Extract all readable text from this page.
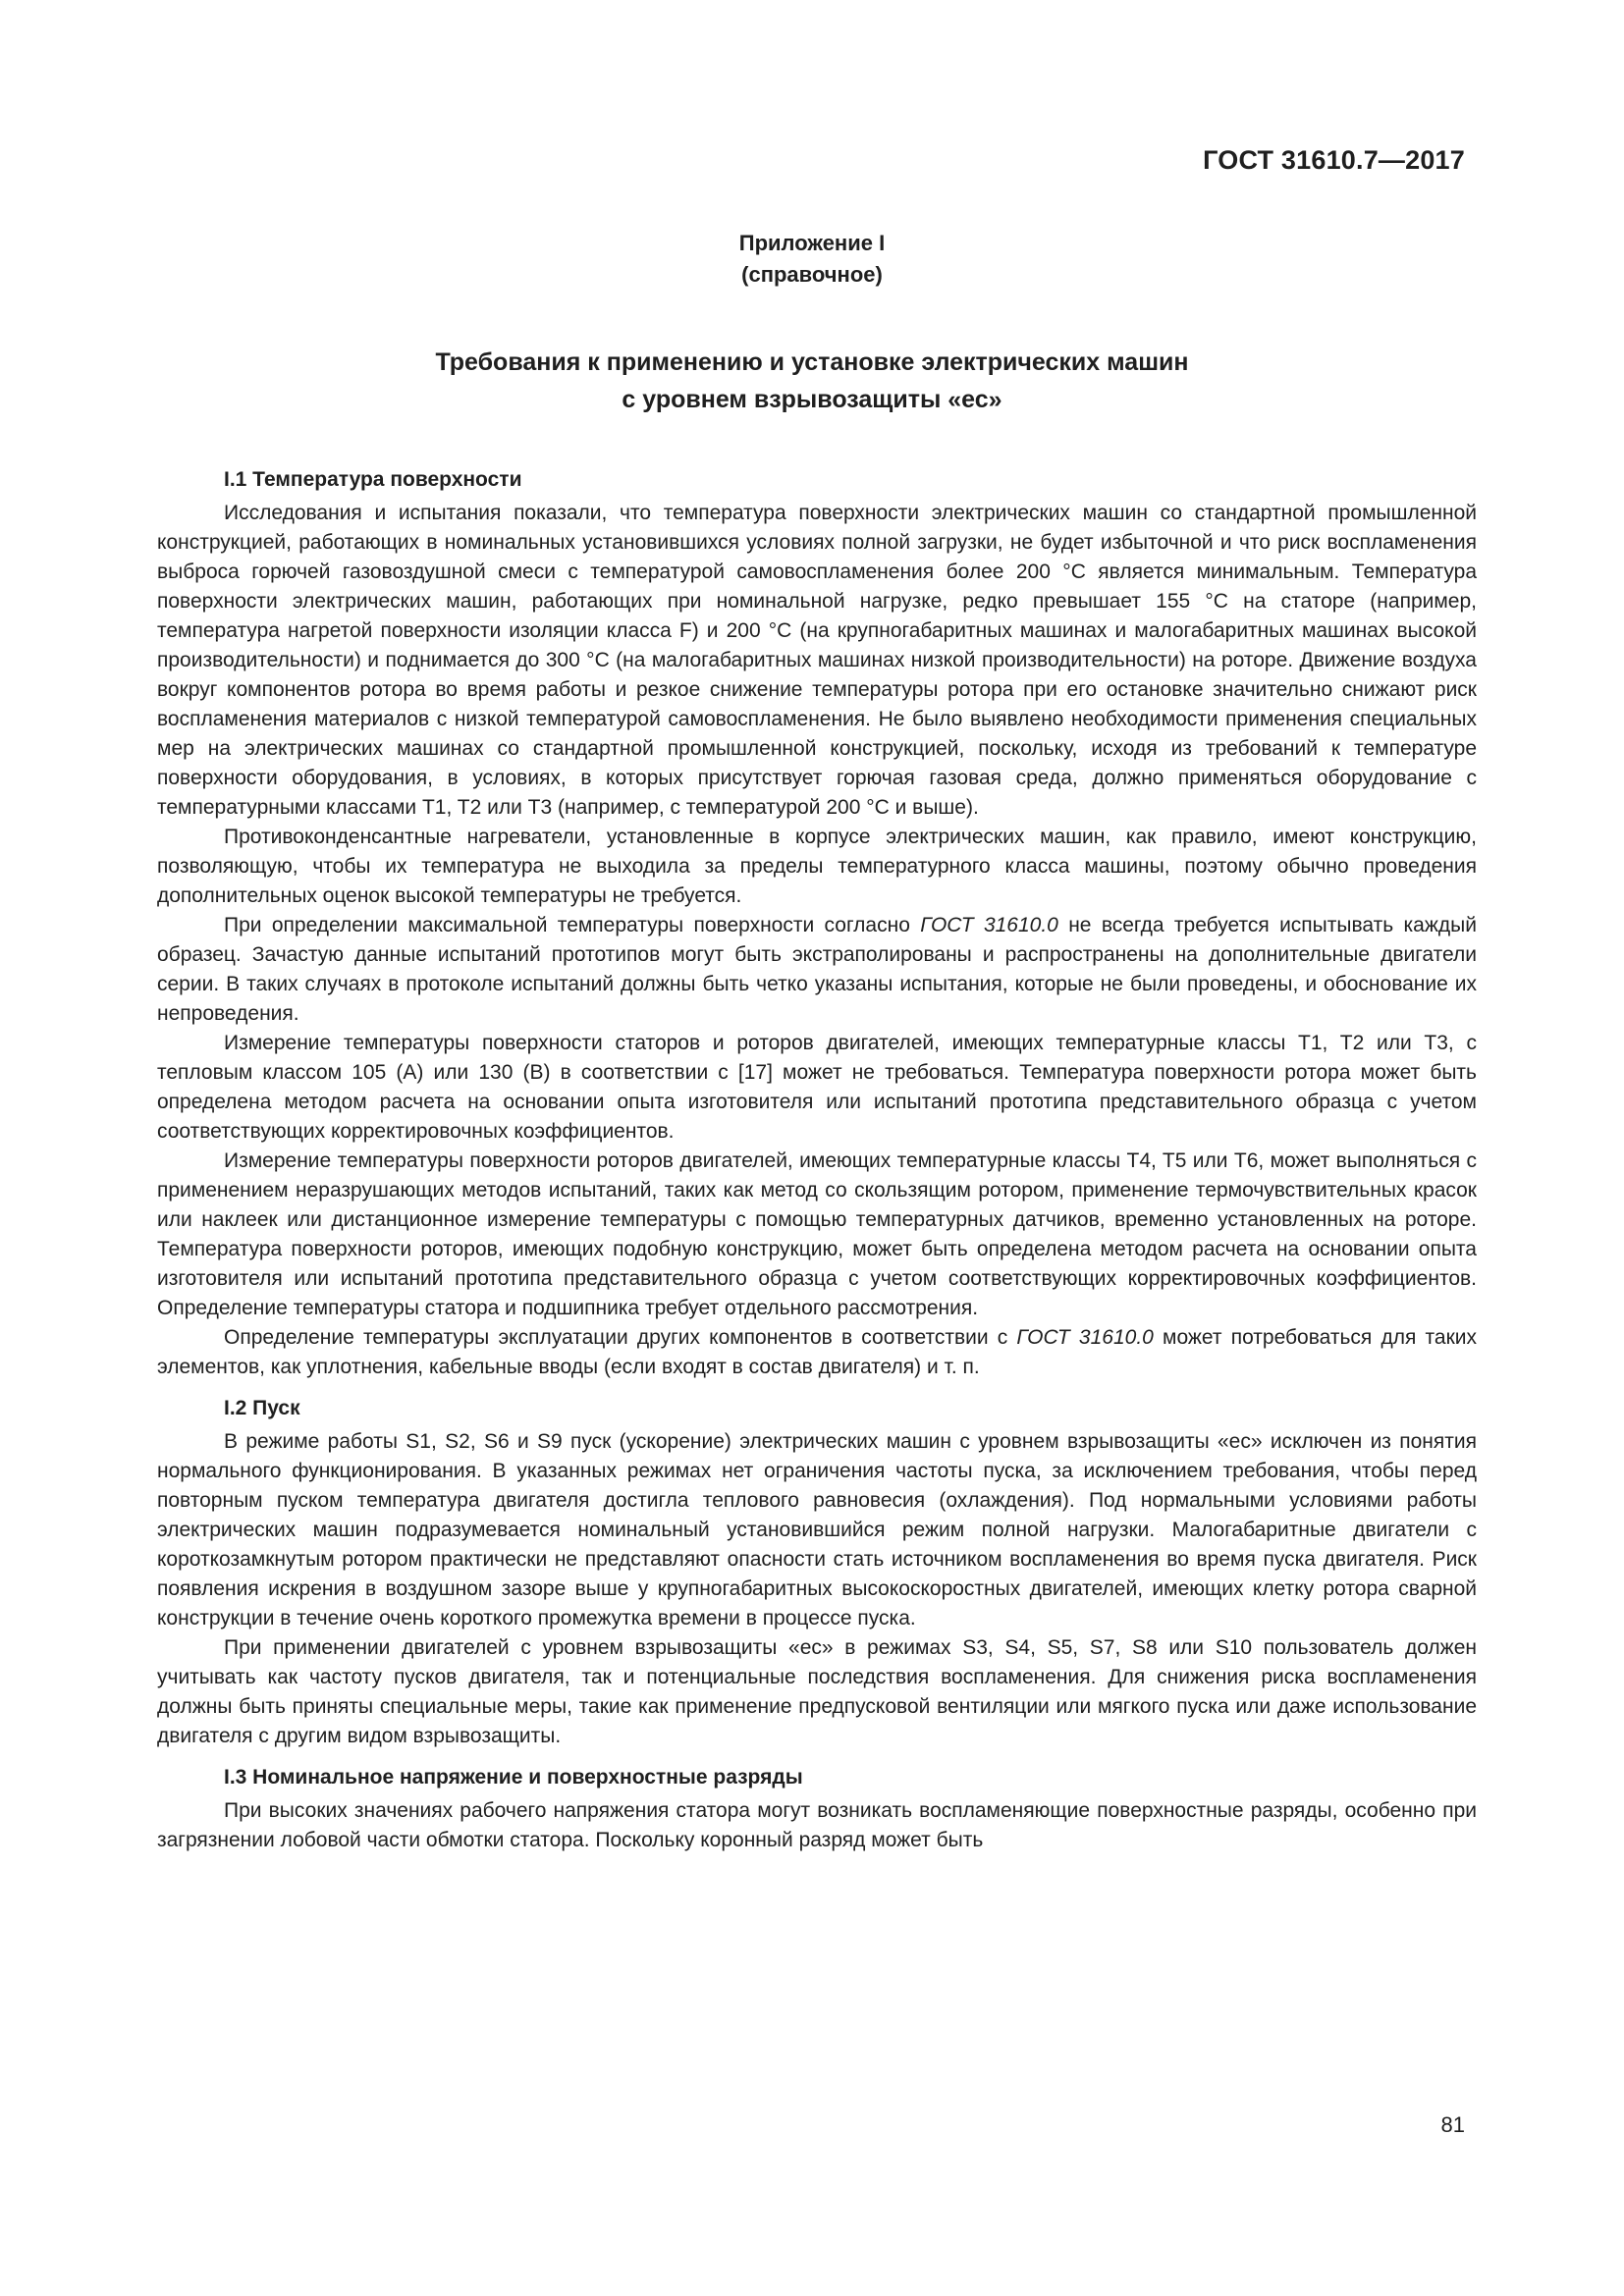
ГОСТ 31610.7—2017
Приложение I
(справочное)
Требования к применению и установке электрических машин
с уровнем взрывозащиты «ес»
I.1 Температура поверхности

Исследования и испытания показали, что температура поверхности электрических машин со стандартной промышленной конструкцией, работающих в номинальных установившихся условиях полной загрузки, не будет избыточной и что риск воспламенения выброса горючей газовоздушной смеси с температурой самовоспламенения более 200 °C является минимальным. Температура поверхности электрических машин, работающих при номинальной нагрузке, редко превышает 155 °C на статоре (например, температура нагретой поверхности изоляции класса F) и 200 °C (на крупногабаритных машинах и малогабаритных машинах высокой производительности) и поднимается до 300 °C (на малогабаритных машинах низкой производительности) на роторе. Движение воздуха вокруг компонентов ротора во время работы и резкое снижение температуры ротора при его остановке значительно снижают риск воспламенения материалов с низкой температурой самовоспламенения. Не было выявлено необходимости применения специальных мер на электрических машинах со стандартной промышленной конструкцией, поскольку, исходя из требований к температуре поверхности оборудования, в условиях, в которых присутствует горючая газовая среда, должно применяться оборудование с температурными классами T1, T2 или T3 (например, с температурой 200 °C и выше).

Противоконденсантные нагреватели, установленные в корпусе электрических машин, как правило, имеют конструкцию, позволяющую, чтобы их температура не выходила за пределы температурного класса машины, поэтому обычно проведения дополнительных оценок высокой температуры не требуется.

При определении максимальной температуры поверхности согласно ГОСТ 31610.0 не всегда требуется испытывать каждый образец. Зачастую данные испытаний прототипов могут быть экстраполированы и распространены на дополнительные двигатели серии. В таких случаях в протоколе испытаний должны быть четко указаны испытания, которые не были проведены, и обоснование их непроведения.

Измерение температуры поверхности статоров и роторов двигателей, имеющих температурные классы T1, T2 или T3, с тепловым классом 105 (A) или 130 (B) в соответствии с [17] может не требоваться. Температура поверхности ротора может быть определена методом расчета на основании опыта изготовителя или испытаний прототипа представительного образца с учетом соответствующих корректировочных коэффициентов.

Измерение температуры поверхности роторов двигателей, имеющих температурные классы T4, T5 или T6, может выполняться с применением неразрушающих методов испытаний, таких как метод со скользящим ротором, применение термочувствительных красок или наклеек или дистанционное измерение температуры с помощью температурных датчиков, временно установленных на роторе. Температура поверхности роторов, имеющих подобную конструкцию, может быть определена методом расчета на основании опыта изготовителя или испытаний прототипа представительного образца с учетом соответствующих корректировочных коэффициентов. Определение температуры статора и подшипника требует отдельного рассмотрения.

Определение температуры эксплуатации других компонентов в соответствии с ГОСТ 31610.0 может потребоваться для таких элементов, как уплотнения, кабельные вводы (если входят в состав двигателя) и т. п.

I.2 Пуск

В режиме работы S1, S2, S6 и S9 пуск (ускорение) электрических машин с уровнем взрывозащиты «ес» исключен из понятия нормального функционирования. В указанных режимах нет ограничения частоты пуска, за исключением требования, чтобы перед повторным пуском температура двигателя достигла теплового равновесия (охлаждения). Под нормальными условиями работы электрических машин подразумевается номинальный установившийся режим полной нагрузки. Малогабаритные двигатели с короткозамкнутым ротором практически не представляют опасности стать источником воспламенения во время пуска двигателя. Риск появления искрения в воздушном зазоре выше у крупногабаритных высокоскоростных двигателей, имеющих клетку ротора сварной конструкции в течение очень короткого промежутка времени в процессе пуска.

При применении двигателей с уровнем взрывозащиты «ес» в режимах S3, S4, S5, S7, S8 или S10 пользователь должен учитывать как частоту пусков двигателя, так и потенциальные последствия воспламенения. Для снижения риска воспламенения должны быть приняты специальные меры, такие как применение предпусковой вентиляции или мягкого пуска или даже использование двигателя с другим видом взрывозащиты.

I.3 Номинальное напряжение и поверхностные разряды

При высоких значениях рабочего напряжения статора могут возникать воспламеняющие поверхностные разряды, особенно при загрязнении лобовой части обмотки статора. Поскольку коронный разряд может быть

81
